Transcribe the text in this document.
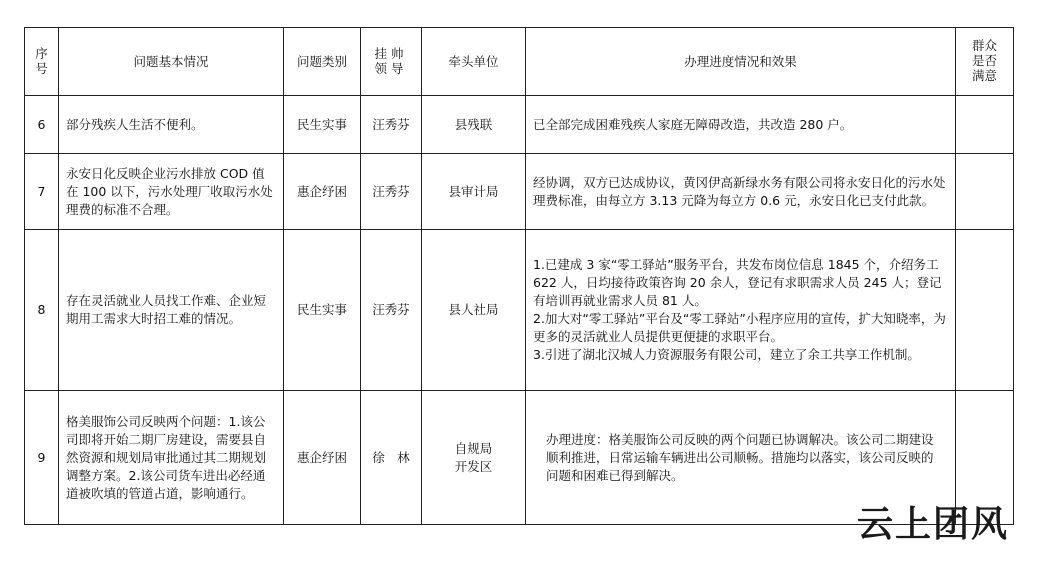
序号	问题基本情况	问题类别	挂帅领导	牵头单位	办理进度情况和效果	群众是否满意
6	部分残疾人生活不便利。	民生实事	汪秀芬	县残联	已全部完成困难残疾人家庭无障碍改造，共改造 280 户。	
7	永安日化反映企业污水排放 COD 值在 100 以下，污水处理厂收取污水处理费的标准不合理。	惠企纾困	汪秀芬	县审计局	经协调，双方已达成协议，黄冈伊高新绿水务有限公司将永安日化的污水处理费标准，由每立方 3.13 元降为每立方 0.6 元，永安日化已支付此款。	
8	存在灵活就业人员找工作难、企业短期用工需求大时招工难的情况。	民生实事	汪秀芬	县人社局	1.已建成 3 家“零工驿站”服务平台，共发布岗位信息 1845 个，介绍务工 622 人，日均接待政策咨询 20 余人，登记有求职需求人员 245 人；登记有培训再就业需求人员 81 人。
2.加大对“零工驿站”平台及“零工驿站”小程序应用的宣传，扩大知晓率，为更多的灵活就业人员提供更便捷的求职平台。
3.引进了湖北汉城人力资源服务有限公司，建立了余工共享工作机制。	

9	格美服饰公司反映两个问题：1.该公司即将开始二期厂房建设，需要县自然资源和规划局审批通过其二期规划调整方案。2.该公司货车进出必经通道被吹填的管道占道，影响通行。	惠企纾困	徐　林	自规局
开发区	办理进度：格美服饰公司反映的两个问题已协调解决。该公司二期建设顺利推进，日常运输车辆进出公司顺畅。措施均以落实，该公司反映的问题和困难已得到解决。	
云上团风
